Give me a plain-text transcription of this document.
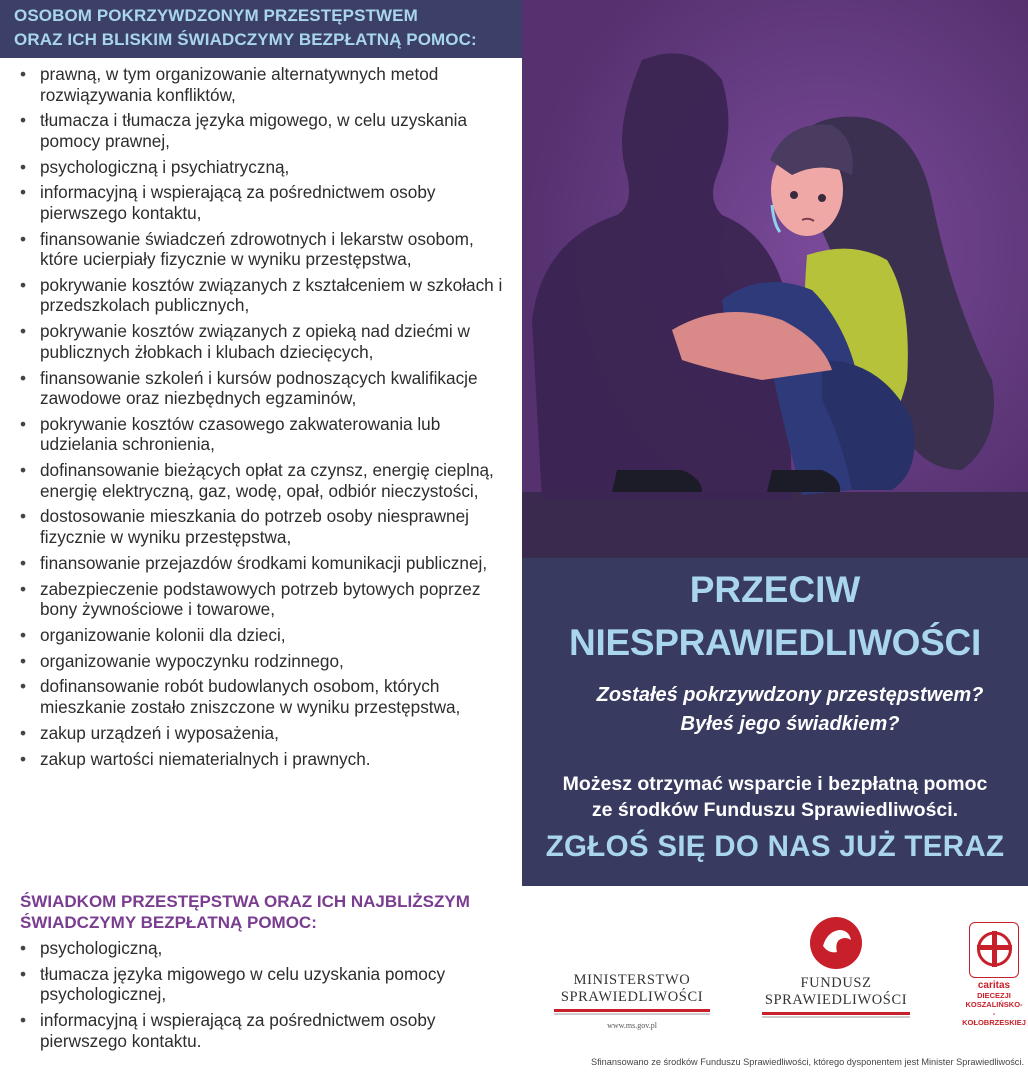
OSOBOM POKRZYWDZONYM PRZESTĘPSTWEM
ORAZ ICH BLISKIM ŚWIADCZYMY BEZPŁATNĄ POMOC:
• prawną, w tym organizowanie alternatywnych metod rozwiązywania konfliktów,
• tłumacza i tłumacza języka migowego, w celu uzyskania pomocy prawnej,
• psychologiczną i psychiatryczną,
• informacyjną i wspierającą za pośrednictwem osoby pierwszego kontaktu,
• finansowanie świadczeń zdrowotnych i lekarstw osobom, które ucierpiały fizycznie w wyniku przestępstwa,
• pokrywanie kosztów związanych z kształceniem w szkołach i przedszkolach publicznych,
• pokrywanie kosztów związanych z opieką nad dziećmi w publicznych żłobkach i klubach dziecięcych,
• finansowanie szkoleń i kursów podnoszących kwalifikacje zawodowe oraz niezbędnych egzaminów,
• pokrywanie kosztów czasowego zakwaterowania lub udzielania schronienia,
• dofinansowanie bieżących opłat za czynsz, energię cieplną, energię elektryczną, gaz, wodę, opał, odbiór nieczystości,
• dostosowanie mieszkania do potrzeb osoby niesprawnej fizycznie w wyniku przestępstwa,
• finansowanie przejazdów środkami komunikacji publicznej,
• zabezpieczenie podstawowych potrzeb bytowych poprzez bony żywnościowe i towarowe,
• organizowanie kolonii dla dzieci,
• organizowanie wypoczynku rodzinnego,
• dofinansowanie robót budowlanych osobom, których mieszkanie zostało zniszczone w wyniku przestępstwa,
• zakup urządzeń i wyposażenia,
• zakup wartości niematerialnych i prawnych.
ŚWIADKOM PRZESTĘPSTWA ORAZ ICH NAJBLIŻSZYM ŚWIADCZYMY BEZPŁATNĄ POMOC:
• psychologiczną,
• tłumacza języka migowego w celu uzyskania pomocy psychologicznej,
• informacyjną i wspierającą za pośrednictwem osoby pierwszego kontaktu.
PRZECIW
NIESPRAWIEDLIWOŚCI
Zostałeś pokrzywdzony przestępstwem?
Byłeś jego świadkiem?
Możesz otrzymać wsparcie i bezpłatną pomoc
ze środków Funduszu Sprawiedliwości.
ZGŁOŚ SIĘ DO NAS JUŻ TERAZ
MINISTERSTWO
SPRAWIEDLIWOŚCI
www.ms.gov.pl
FUNDUSZ
SPRAWIEDLIWOŚCI
caritas
DIECEZJI
KOSZALIŃSKO-
-KOŁOBRZESKIEJ
Sfinansowano ze środków Funduszu Sprawiedliwości, którego dysponentem jest Minister Sprawiedliwości.
